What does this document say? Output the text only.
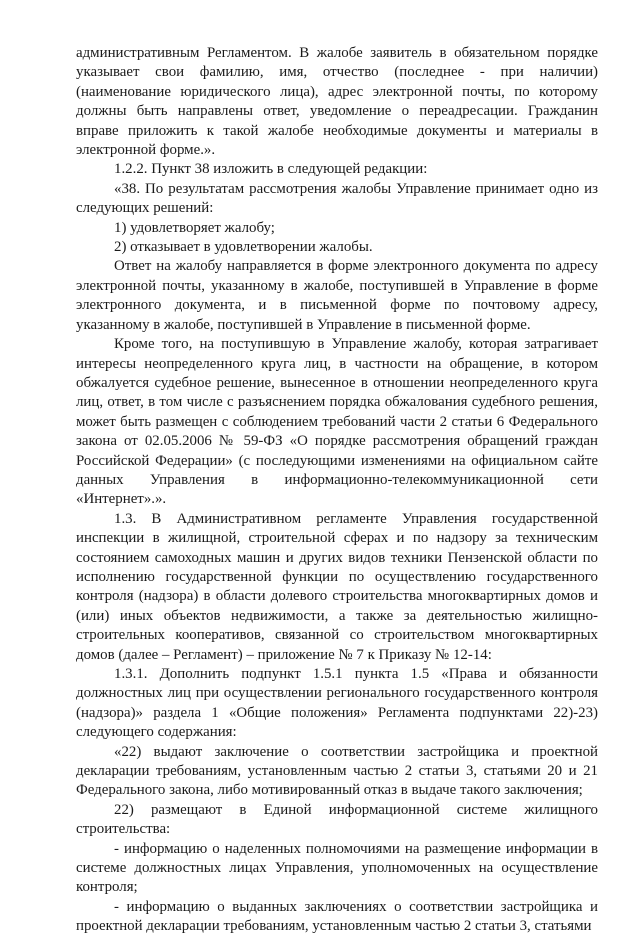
административным Регламентом. В жалобе заявитель в обязательном порядке указывает свои фамилию, имя, отчество (последнее - при наличии) (наименование юридического лица), адрес электронной почты, по которому должны быть направлены ответ, уведомление о переадресации. Гражданин вправе приложить к такой жалобе необходимые документы и материалы в электронной форме.».

1.2.2. Пункт 38 изложить в следующей редакции:

«38. По результатам рассмотрения жалобы Управление принимает одно из следующих решений:

1) удовлетворяет жалобу;

2) отказывает в удовлетворении жалобы.

Ответ на жалобу направляется в форме электронного документа по адресу электронной почты, указанному в жалобе, поступившей в Управление в форме электронного документа, и в письменной форме по почтовому адресу, указанному в жалобе, поступившей в Управление в письменной форме.

Кроме того, на поступившую в Управление жалобу, которая затрагивает интересы неопределенного круга лиц, в частности на обращение, в котором обжалуется судебное решение, вынесенное в отношении неопределенного круга лиц, ответ, в том числе с разъяснением порядка обжалования судебного решения, может быть размещен с соблюдением требований части 2 статьи 6 Федерального закона от 02.05.2006 № 59-ФЗ «О порядке рассмотрения обращений граждан Российской Федерации» (с последующими изменениями на официальном сайте данных Управления в информационно-телекоммуникационной сети «Интернет».».

1.3. В Административном регламенте Управления государственной инспекции в жилищной, строительной сферах и по надзору за техническим состоянием самоходных машин и других видов техники Пензенской области по исполнению государственной функции по осуществлению государственного контроля (надзора) в области долевого строительства многоквартирных домов и (или) иных объектов недвижимости, а также за деятельностью жилищно-строительных кооперативов, связанной со строительством многоквартирных домов (далее – Регламент) – приложение № 7 к Приказу № 12-14:

1.3.1. Дополнить подпункт 1.5.1 пункта 1.5 «Права и обязанности должностных лиц при осуществлении регионального государственного контроля (надзора)» раздела 1 «Общие положения» Регламента подпунктами 22)-23) следующего содержания:

«22) выдают заключение о соответствии застройщика и проектной декларации требованиям, установленным частью 2 статьи 3, статьями 20 и 21 Федерального закона, либо мотивированный отказ в выдаче такого заключения;

22) размещают в Единой информационной системе жилищного строительства:

- информацию о наделенных полномочиями на размещение информации в системе должностных лицах Управления, уполномоченных на осуществление контроля;

- информацию о выданных заключениях о соответствии застройщика и проектной декларации требованиям, установленным частью 2 статьи 3, статьями
